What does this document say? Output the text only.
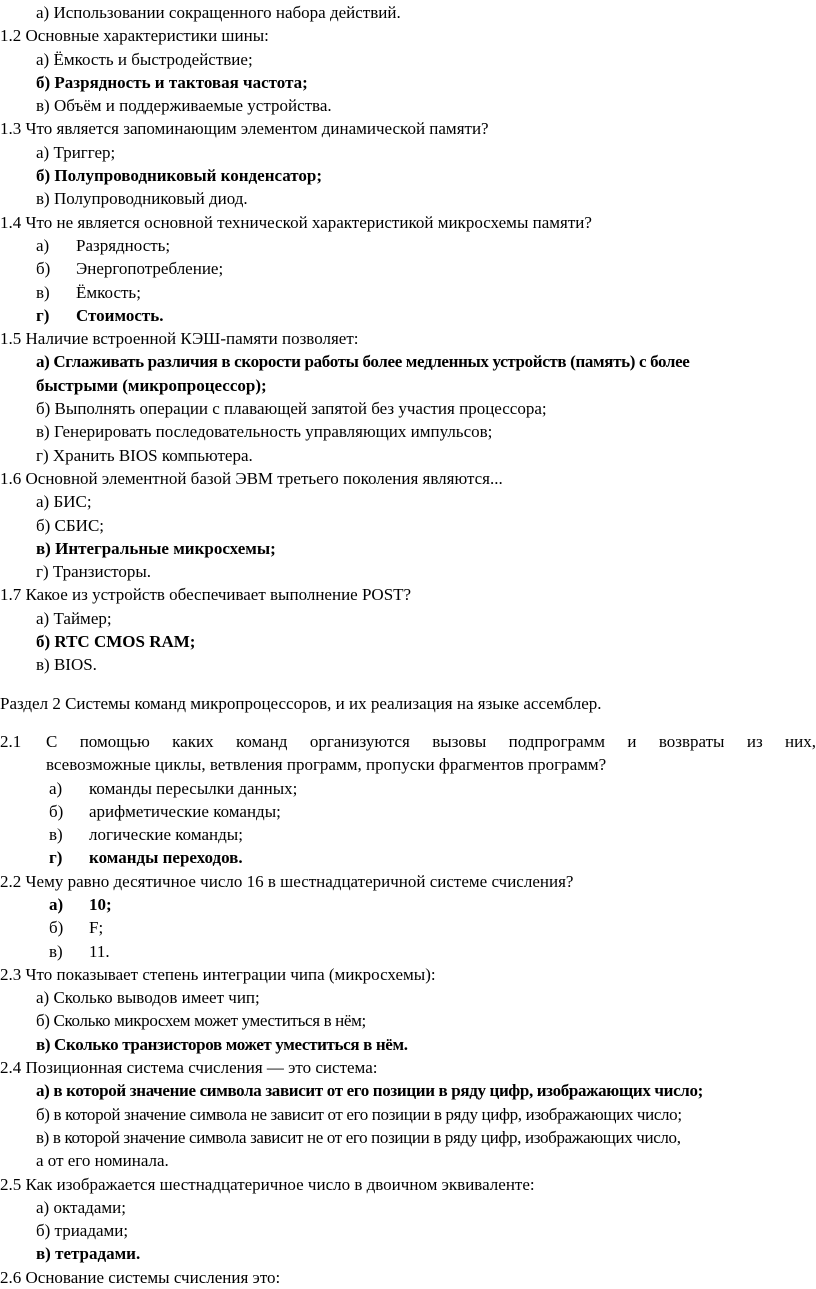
а) Использовании сокращенного набора действий.
1.2 Основные характеристики шины:
а) Ёмкость и быстродействие;
б) Разрядность и тактовая частота;
в) Объём и поддерживаемые устройства.
1.3 Что является запоминающим элементом динамической памяти?
а) Триггер;
б) Полупроводниковый конденсатор;
в) Полупроводниковый диод.
1.4 Что не является основной технической характеристикой микросхемы памяти?
а) Разрядность;
б) Энергопотребление;
в) Ёмкость;
г) Стоимость.
1.5 Наличие встроенной КЭШ-памяти позволяет:
а) Сглаживать различия в скорости работы более медленных устройств (память) с более
быстрыми (микропроцессор);
б) Выполнять операции с плавающей запятой без участия процессора;
в) Генерировать последовательность управляющих импульсов;
г) Хранить BIOS компьютера.
1.6 Основной элементной базой ЭВМ третьего поколения являются...
а) БИС;
б) СБИС;
в) Интегральные микросхемы;
г) Транзисторы.
1.7 Какое из устройств обеспечивает выполнение POST?
а) Таймер;
б) RTC CMOS RAM;
в) BIOS.
Раздел 2 Системы команд микропроцессоров, и их реализация на языке ассемблер.
2.1	С помощью каких команд организуются вызовы подпрограмм и возвраты из них,
всевозможные циклы, ветвления программ, пропуски фрагментов программ?
а) команды пересылки данных;
б) арифметические команды;
в) логические команды;
г) команды переходов.
2.2 Чему равно десятичное число 16 в шестнадцатеричной системе счисления?
а) 10;
б) F;
в) 11.
2.3 Что показывает степень интеграции чипа (микросхемы):
а) Сколько выводов имеет чип;
б) Сколько микросхем может уместиться в нём;
в) Сколько транзисторов может уместиться в нём.
2.4 Позиционная система счисления — это система:
а) в которой значение символа зависит от его позиции в ряду цифр, изображающих число;
б) в которой значение символа не зависит от его позиции в ряду цифр, изображающих число;
в) в которой значение символа зависит не от его позиции в ряду цифр, изображающих число,
а от его номинала.
2.5 Как изображается шестнадцатеричное число в двоичном эквиваленте:
а) октадами;
б) триадами;
в) тетрадами.
2.6 Основание системы счисления это:
